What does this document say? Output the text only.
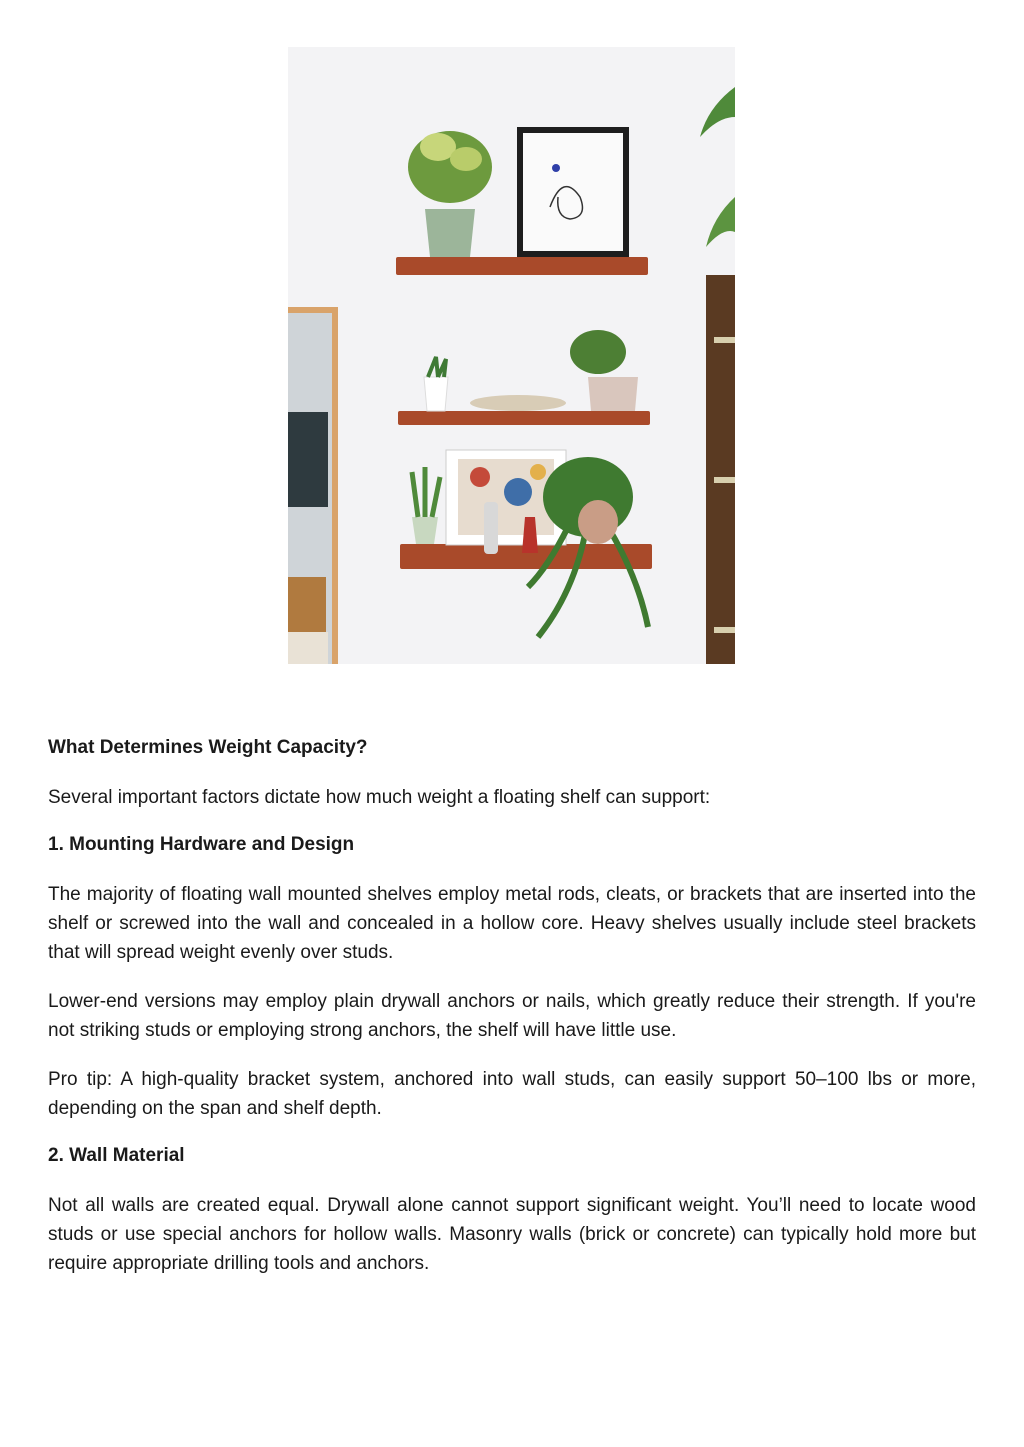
What Determines Weight Capacity?

Several important factors dictate how much weight a floating shelf can support:

1. Mounting Hardware and Design

The majority of floating wall mounted shelves employ metal rods, cleats, or brackets that are inserted into the shelf or screwed into the wall and concealed in a hollow core. Heavy shelves usually include steel brackets that will spread weight evenly over studs.

Lower-end versions may employ plain drywall anchors or nails, which greatly reduce their strength. If you're not striking studs or employing strong anchors, the shelf will have little use.

Pro tip: A high-quality bracket system, anchored into wall studs, can easily support 50–100 lbs or more, depending on the span and shelf depth.

2. Wall Material

Not all walls are created equal. Drywall alone cannot support significant weight. You’ll need to locate wood studs or use special anchors for hollow walls. Masonry walls (brick or concrete) can typically hold more but require appropriate drilling tools and anchors.
